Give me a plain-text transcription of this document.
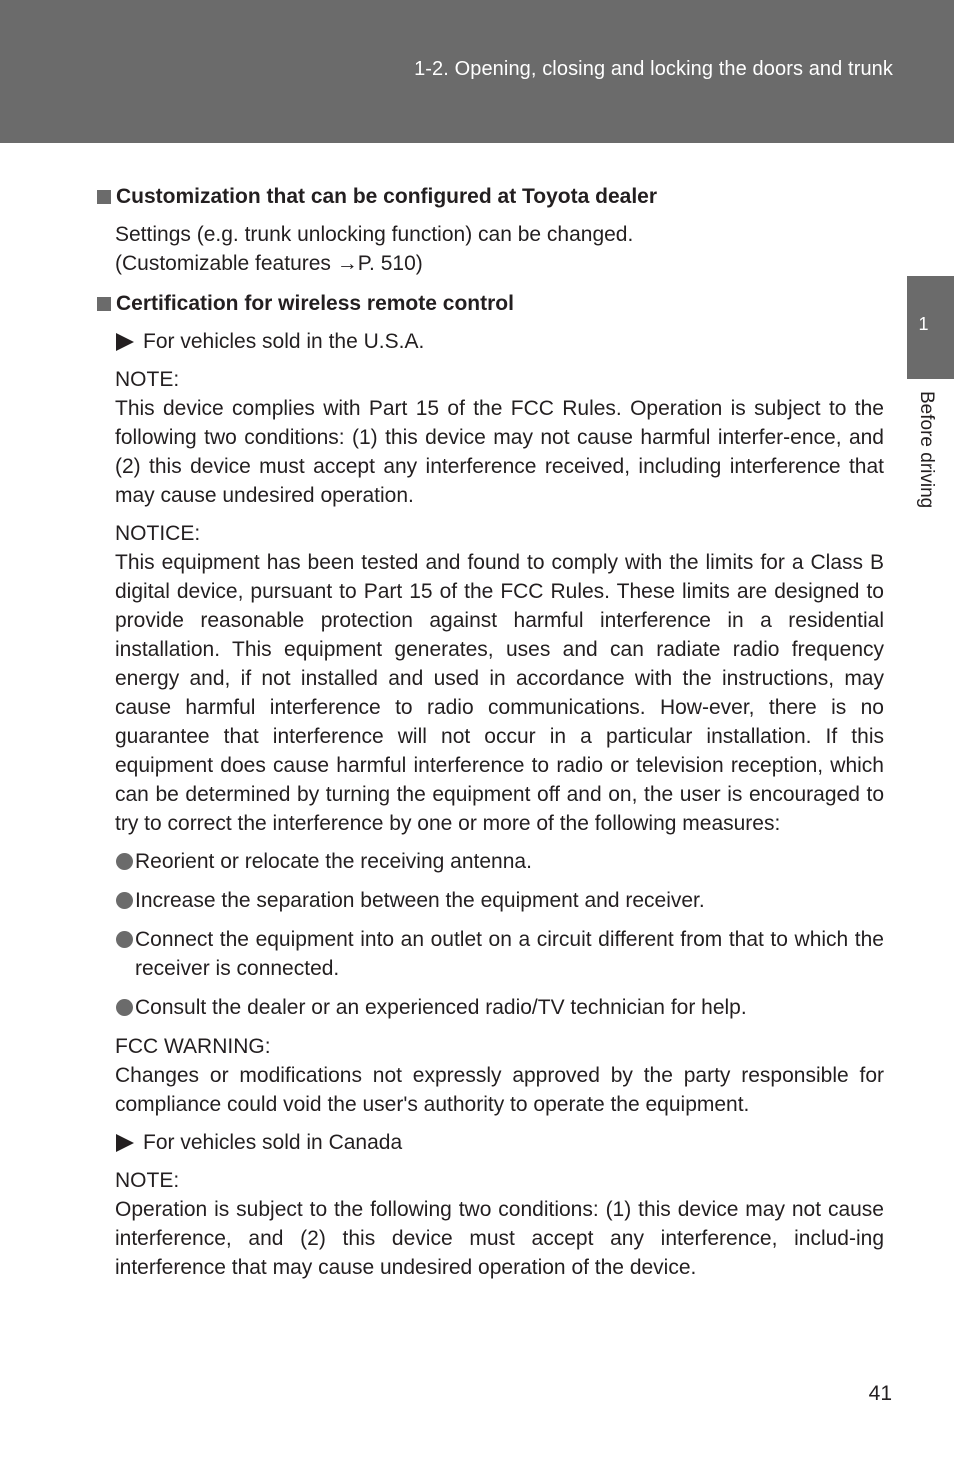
1-2. Opening, closing and locking the doors and trunk
1
Before driving
Customization that can be configured at Toyota dealer
Settings (e.g. trunk unlocking function) can be changed.
(Customizable features →P. 510)
Certification for wireless remote control
For vehicles sold in the U.S.A.
NOTE:
This device complies with Part 15 of the FCC Rules. Operation is subject to the following two conditions: (1) this device may not cause harmful interfer-ence, and (2) this device must accept any interference received, including interference that may cause undesired operation.
NOTICE:
This equipment has been tested and found to comply with the limits for a Class B digital device, pursuant to Part 15 of the FCC Rules. These limits are designed to provide reasonable protection against harmful interference in a residential installation. This equipment generates, uses and can radiate radio frequency energy and, if not installed and used in accordance with the instructions, may cause harmful interference to radio communications. How-ever, there is no guarantee that interference will not occur in a particular installation. If this equipment does cause harmful interference to radio or television reception, which can be determined by turning the equipment off and on, the user is encouraged to try to correct the interference by one or more of the following measures:
Reorient or relocate the receiving antenna.
Increase the separation between the equipment and receiver.
Connect the equipment into an outlet on a circuit different from that to which the receiver is connected.
Consult the dealer or an experienced radio/TV technician for help.
FCC WARNING:
Changes or modifications not expressly approved by the party responsible for compliance could void the user's authority to operate the equipment.
For vehicles sold in Canada
NOTE:
Operation is subject to the following two conditions: (1) this device may not cause interference, and (2) this device must accept any interference, includ-ing interference that may cause undesired operation of the device.
41
